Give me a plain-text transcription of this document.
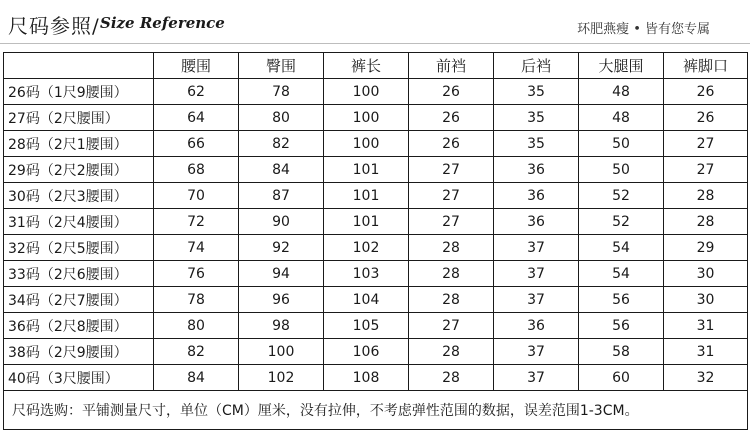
尺码参照/ Size Reference	环肥燕瘦 • 皆有您专属
	腰围	臀围	裤长	前裆	后裆	大腿围	裤脚口
26码（1尺9腰围）	62	78	100	26	35	48	26
27码（2尺腰围）	64	80	100	26	35	48	26
28码（2尺1腰围）	66	82	100	26	35	50	27
29码（2尺2腰围）	68	84	101	27	36	50	27
30码（2尺3腰围）	70	87	101	27	36	52	28
31码（2尺4腰围）	72	90	101	27	36	52	28
32码（2尺5腰围）	74	92	102	28	37	54	29
33码（2尺6腰围）	76	94	103	28	37	54	30
34码（2尺7腰围）	78	96	104	28	37	56	30
36码（2尺8腰围）	80	98	105	27	36	56	31
38码（2尺9腰围）	82	100	106	28	37	58	31
40码（3尺腰围）	84	102	108	28	37	60	32
尺码选购：平铺测量尺寸，单位（CM）厘米，没有拉伸，不考虑弹性范围的数据，误差范围1-3CM。							
